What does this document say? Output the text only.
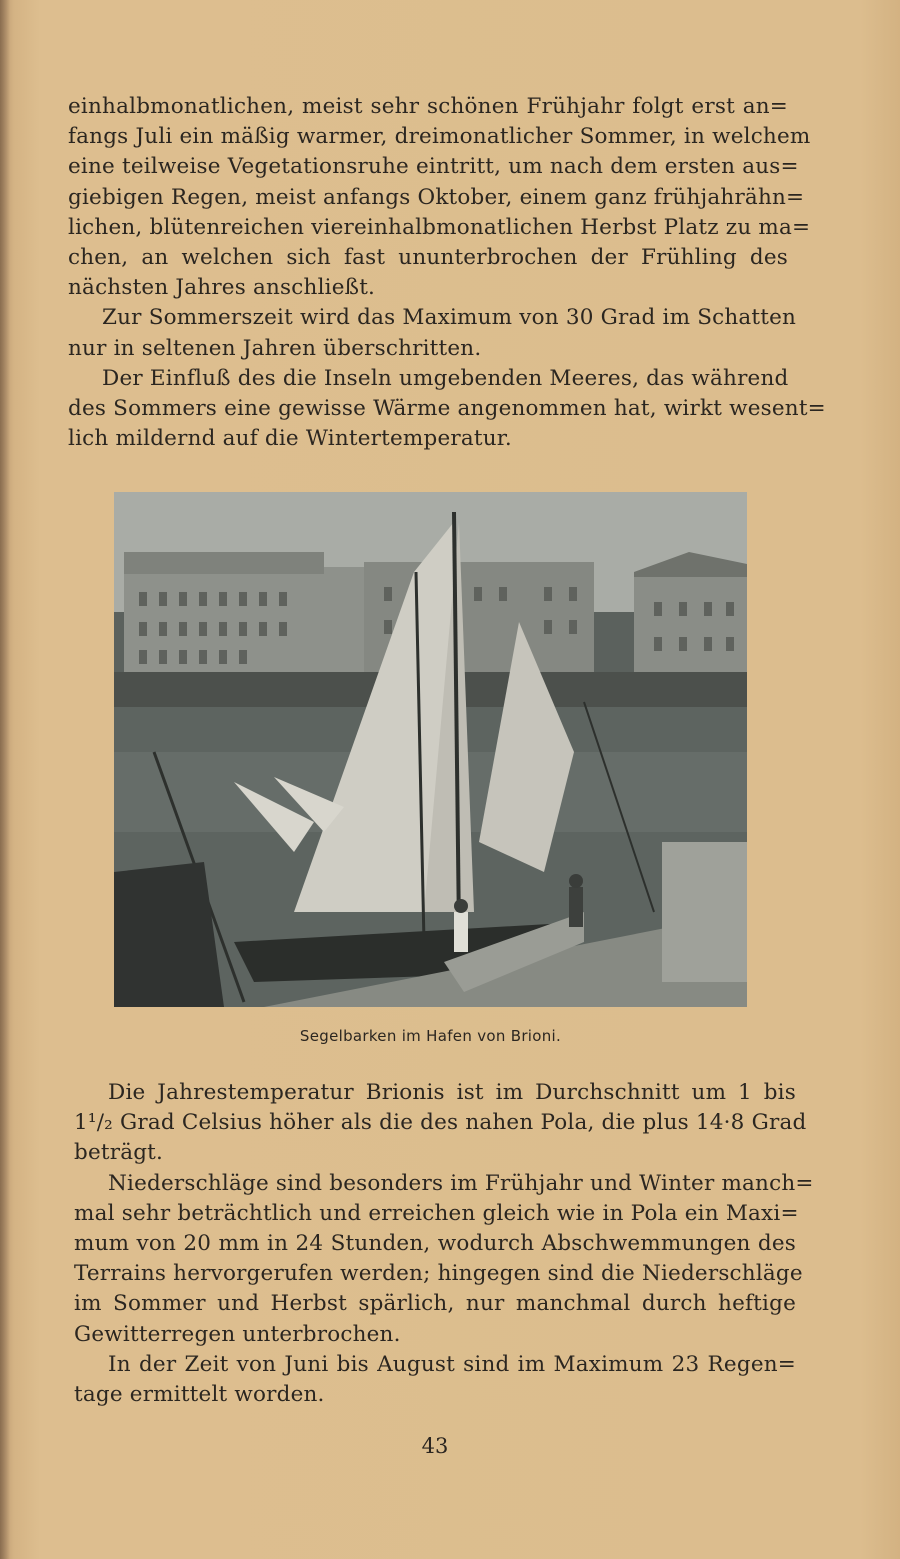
einhalbmonatlichen, meist sehr schönen Frühjahr folgt erst an=
fangs Juli ein mäßig warmer, dreimonatlicher Sommer, in welchem
eine teilweise Vegetationsruhe eintritt, um nach dem ersten aus=
giebigen Regen, meist anfangs Oktober, einem ganz frühjahrähn=
lichen, blütenreichen viereinhalbmonatlichen Herbst Platz zu ma=
chen, an welchen sich fast ununterbrochen der Frühling des
nächsten Jahres anschließt.
Zur Sommerszeit wird das Maximum von 30 Grad im Schatten
nur in seltenen Jahren überschritten.
Der Einfluß des die Inseln umgebenden Meeres, das während
des Sommers eine gewisse Wärme angenommen hat, wirkt wesent=
lich mildernd auf die Wintertemperatur.
Segelbarken im Hafen von Brioni.
Die Jahrestemperatur Brionis ist im Durchschnitt um 1 bis
1¹/₂ Grad Celsius höher als die des nahen Pola, die plus 14·8 Grad
beträgt.
Niederschläge sind besonders im Frühjahr und Winter manch=
mal sehr beträchtlich und erreichen gleich wie in Pola ein Maxi=
mum von 20 mm in 24 Stunden, wodurch Abschwemmungen des
Terrains hervorgerufen werden; hingegen sind die Niederschläge
im Sommer und Herbst spärlich, nur manchmal durch heftige
Gewitterregen unterbrochen.
In der Zeit von Juni bis August sind im Maximum 23 Regen=
tage ermittelt worden.
43
